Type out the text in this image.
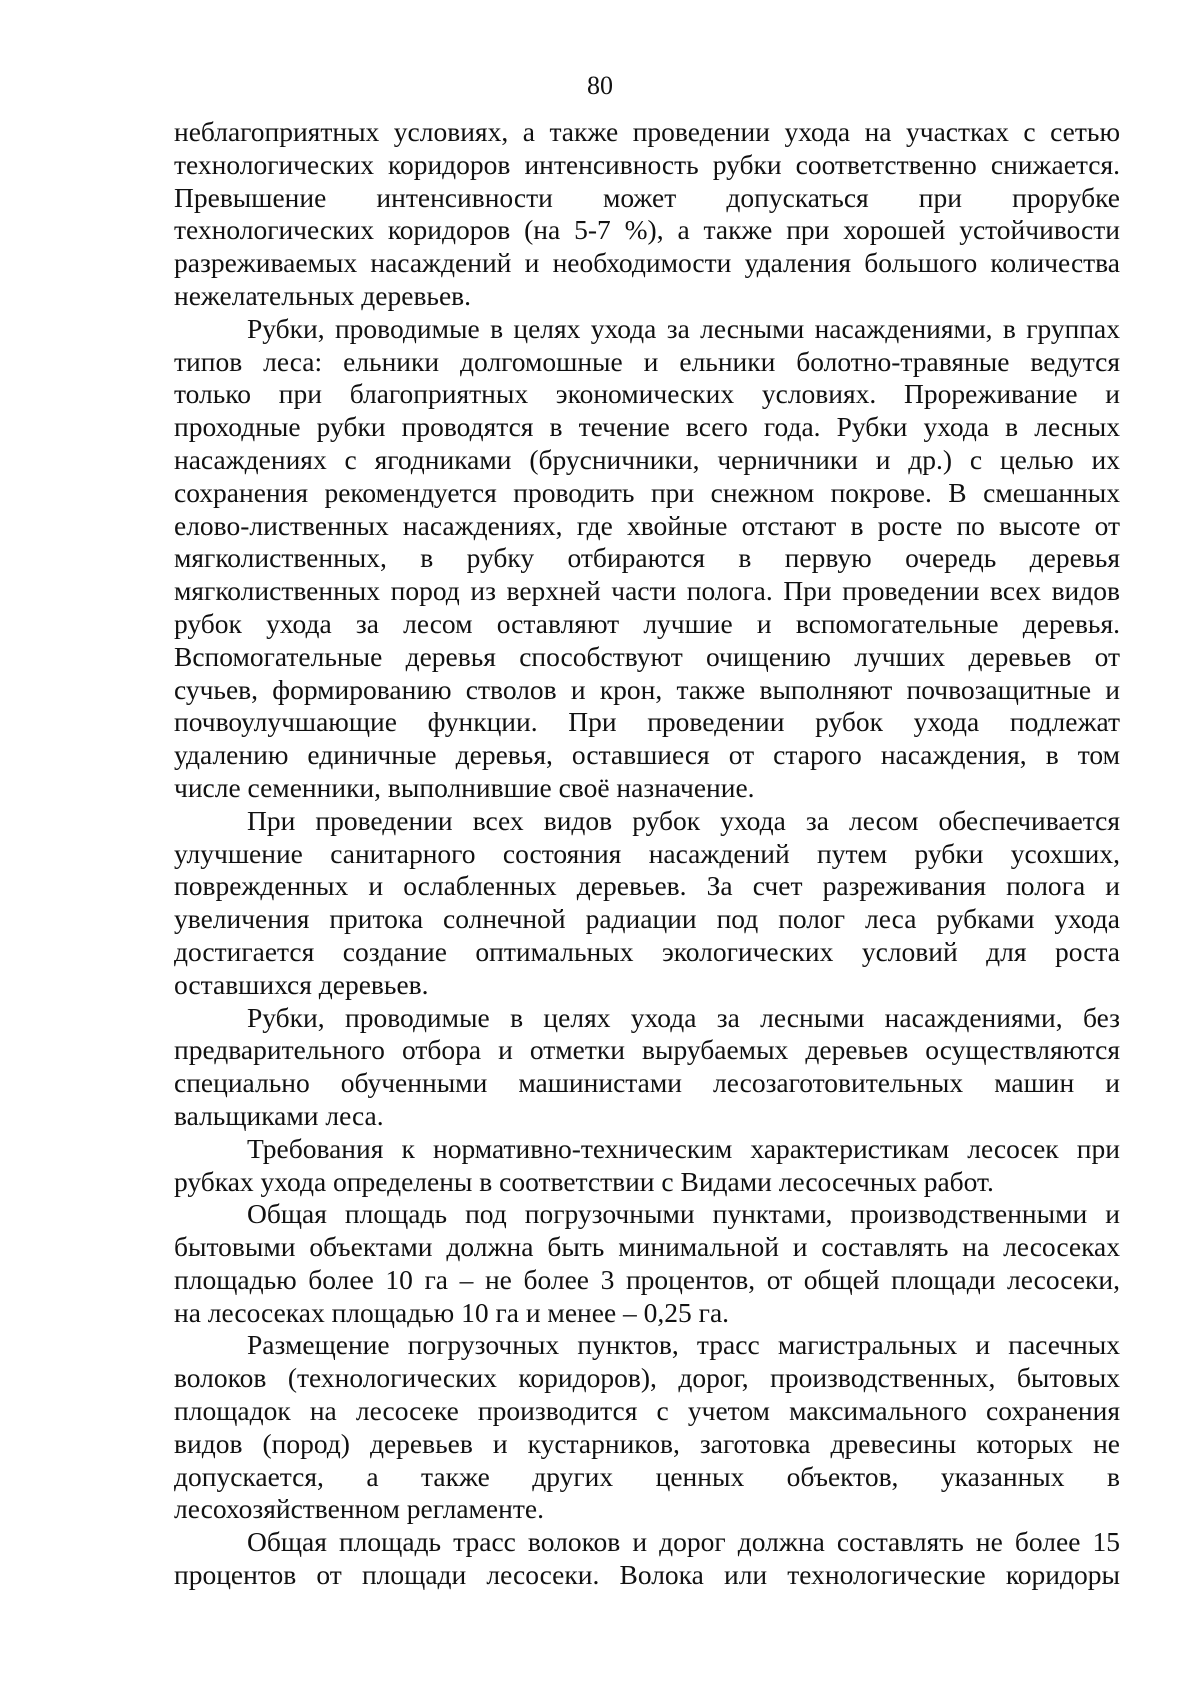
80
неблагоприятных условиях, а также проведении ухода на участках с сетью
технологических коридоров интенсивность рубки соответственно снижается.
Превышение интенсивности может допускаться при прорубке
технологических коридоров (на 5-7 %), а также при хорошей устойчивости
разреживаемых насаждений и необходимости удаления большого количества
нежелательных деревьев.
Рубки, проводимые в целях ухода за лесными насаждениями, в группах
типов леса: ельники долгомошные и ельники болотно-травяные ведутся
только при благоприятных экономических условиях. Прореживание и
проходные рубки проводятся в течение всего года. Рубки ухода в лесных
насаждениях с ягодниками (брусничники, черничники и др.) с целью их
сохранения рекомендуется проводить при снежном покрове. В смешанных
елово-лиственных насаждениях, где хвойные отстают в росте по высоте от
мягколиственных, в рубку отбираются в первую очередь деревья
мягколиственных пород из верхней части полога. При проведении всех видов
рубок ухода за лесом оставляют лучшие и вспомогательные деревья.
Вспомогательные деревья способствуют очищению лучших деревьев от
сучьев, формированию стволов и крон, также выполняют почвозащитные и
почвоулучшающие функции. При проведении рубок ухода подлежат
удалению единичные деревья, оставшиеся от старого насаждения, в том
числе семенники, выполнившие своё назначение.
При проведении всех видов рубок ухода за лесом обеспечивается
улучшение санитарного состояния насаждений путем рубки усохших,
поврежденных и ослабленных деревьев. За счет разреживания полога и
увеличения притока солнечной радиации под полог леса рубками ухода
достигается создание оптимальных экологических условий для роста
оставшихся деревьев.
Рубки, проводимые в целях ухода за лесными насаждениями, без
предварительного отбора и отметки вырубаемых деревьев осуществляются
специально обученными машинистами лесозаготовительных машин и
вальщиками леса.
Требования к нормативно-техническим характеристикам лесосек при
рубках ухода определены в соответствии с Видами лесосечных работ.
Общая площадь под погрузочными пунктами, производственными и
бытовыми объектами должна быть минимальной и составлять на лесосеках
площадью более 10 га – не более 3 процентов, от общей площади лесосеки,
на лесосеках площадью 10 га и менее – 0,25 га.
Размещение погрузочных пунктов, трасс магистральных и пасечных
волоков (технологических коридоров), дорог, производственных, бытовых
площадок на лесосеке производится с учетом максимального сохранения
видов (пород) деревьев и кустарников, заготовка древесины которых не
допускается, а также других ценных объектов, указанных в
лесохозяйственном регламенте.
Общая площадь трасс волоков и дорог должна составлять не более 15
процентов от площади лесосеки. Волока или технологические коридоры
